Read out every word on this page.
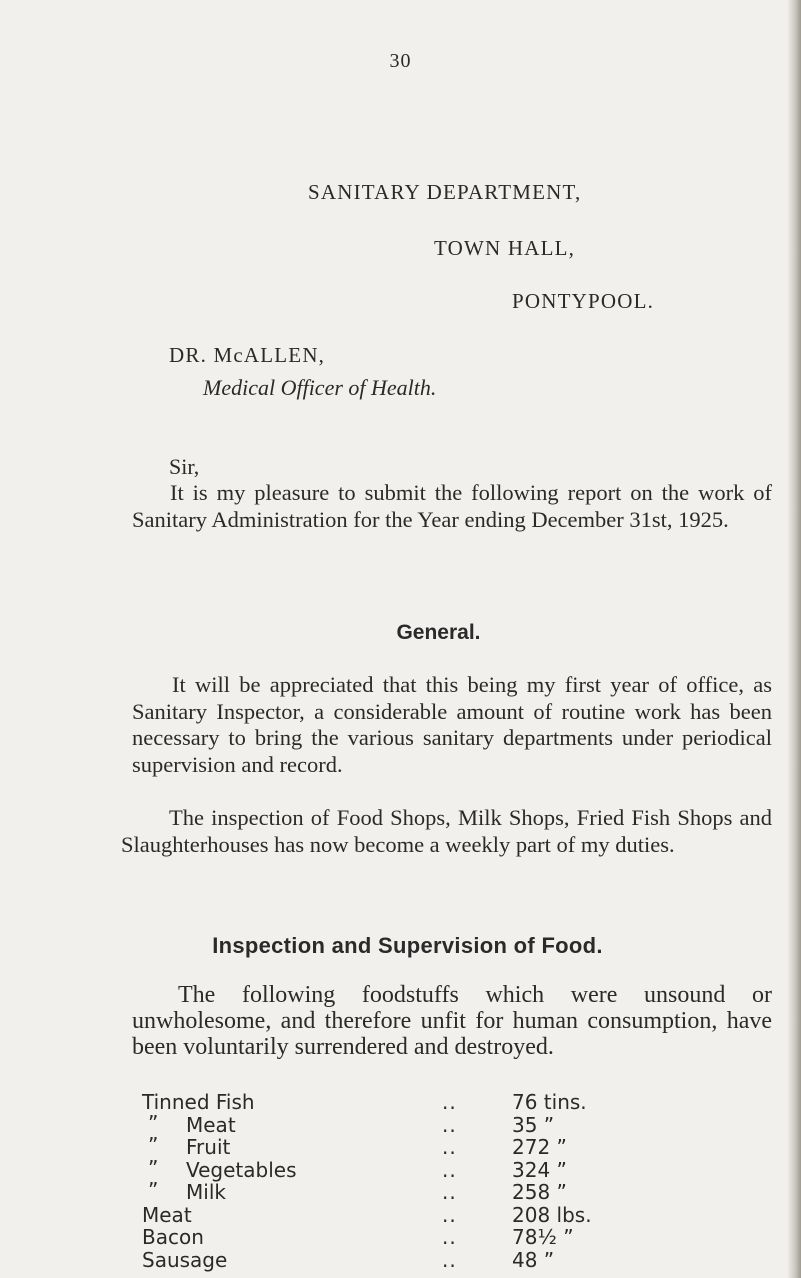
30
SANITARY DEPARTMENT,
TOWN HALL,
PONTYPOOL.
DR. McALLEN,
Medical Officer of Health.
Sir,
It is my pleasure to submit the following report on the work of Sanitary Administration for the Year ending December 31st, 1925.
General.
It will be appreciated that this being my first year of office, as Sanitary Inspector, a considerable amount of routine work has been necessary to bring the various sanitary departments under periodical supervision and record.
The inspection of Food Shops, Milk Shops, Fried Fish Shops and Slaughterhouses has now become a weekly part of my duties.
Inspection and Supervision of Food.
The following foodstuffs which were unsound or unwholesome, and therefore unfit for human consumption, have been voluntarily surrendered and destroyed.
Tinned Fish	..	76 tins.
” Meat	..	35 ”
” Fruit	..	272 ”
” Vegetables	..	324 ”
” Milk	..	258 ”
Meat	..	208 lbs.
Bacon	..	78½ ”
Sausage	..	48 ”
